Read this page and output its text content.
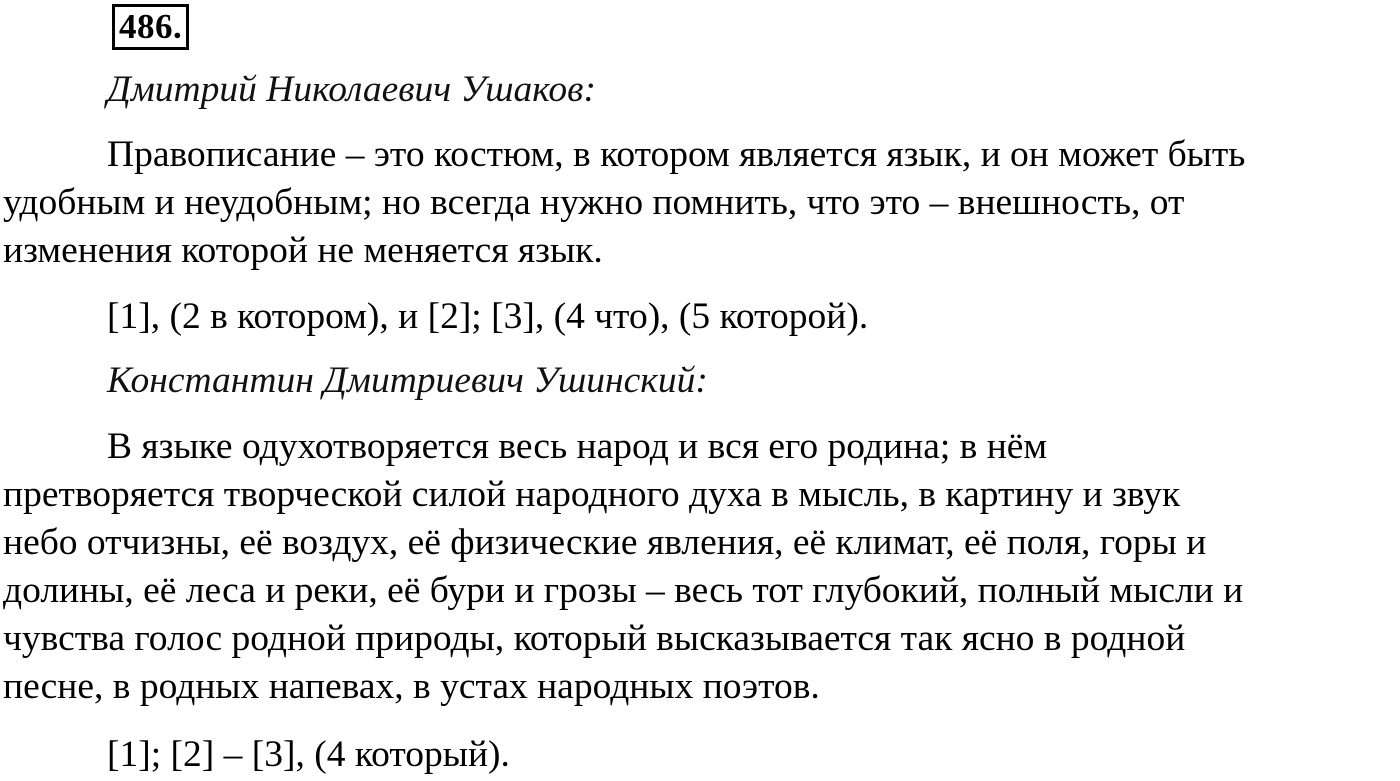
486.
Дмитрий Николаевич Ушаков:
Правописание – это костюм, в котором является язык, и он может быть
удобным и неудобным; но всегда нужно помнить, что это – внешность, от
изменения которой не меняется язык.
[1], (2 в котором), и [2]; [3], (4 что), (5 которой).
Константин Дмитриевич Ушинский:
В языке одухотворяется весь народ и вся его родина; в нём
претворяется творческой силой народного духа в мысль, в картину и звук
небо отчизны, её воздух, её физические явления, её климат, её поля, горы и
долины, её леса и реки, её бури и грозы – весь тот глубокий, полный мысли и
чувства голос родной природы, который высказывается так ясно в родной
песне, в родных напевах, в устах народных поэтов.
[1]; [2] – [3], (4 который).
